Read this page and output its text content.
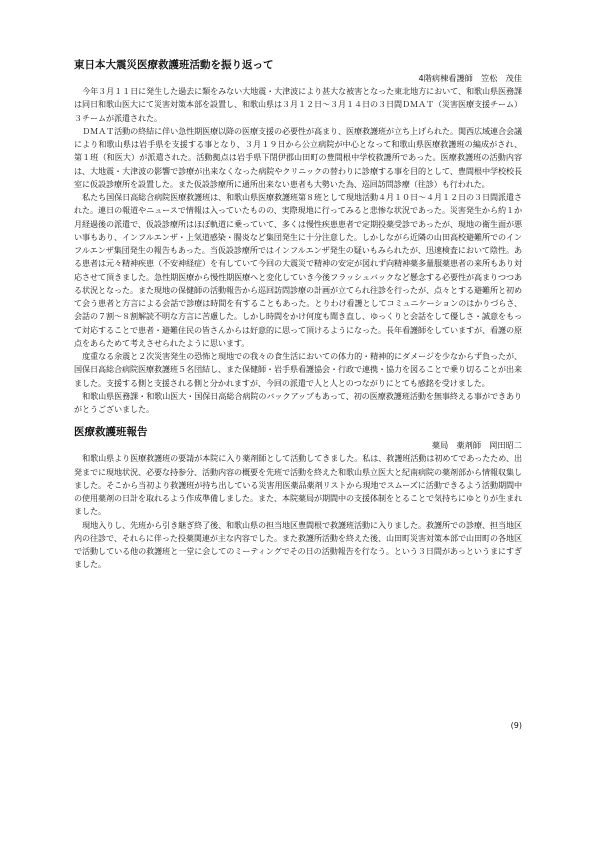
東日本大震災医療救護班活動を振り返って

4階病棟看護師　笠松　茂佳

今年３月１１日に発生した過去に類をみない大地震・大津波により甚大な被害となった東北地方において、和歌山県医務課は同日和歌山医大にて災害対策本部を設置し、和歌山県は３月１２日～３月１４日の３日間ＤＭＡＴ（災害医療支援チーム）３チームが派遣された。

ＤＭＡＴ活動の終結に伴い急性期医療以降の医療支援の必要性が高まり、医療救護班が立ち上げられた。関西広域連合会議により和歌山県は岩手県を支援する事となり、３月１９日から公立病院が中心となって和歌山県医療救護班の編成がされ、第１班（和医大）が派遣された。活動拠点は岩手県下閉伊郡山田町の豊間根中学校救護所であった。医療救護班の活動内容は、大地震・大津波の影響で診療が出来なくなった病院やクリニックの替わりに診療する事を目的として、豊間根中学校校長室に仮設診療所を設置した。また仮設診療所に通所出来ない患者も大勢いた為、巡回訪問診療（往診）も行われた。

私たち国保日高総合病院医療救護班は、和歌山県医療救護班第８班として現地活動４月１０日～４月１２日の３日間派遣された。連日の報道やニュースで情報は入っていたものの、実際現地に行ってみると悲惨な状況であった。災害発生から約１か月経過後の派遣で、仮設診療所はほぼ軌道に乗っていて、多くは慢性疾患患者で定期投薬受診であったが、現地の衛生面が悪い事もあり、インフルエンザ・上気道感染・腸炎など集団発生に十分注意した。しかしながら近隣の山田高校避難所でのインフルエンザ集団発生の報告もあった。当仮設診療所ではインフルエンザ発生の疑いもみられたが、迅速検査において陰性。ある患者は元々精神疾患（不安神経症）を有していて今回の大震災で精神の安定が図れず向精神薬多量服薬患者の来所もあり対応させて頂きました。急性期医療から慢性期医療へと変化していき今後フラッシュバックなど懸念する必要性が高まりつつある状況となった。また現地の保健師の活動報告から巡回訪問診療の計画が立てられ往診を行ったが、点々とする避難所と初めて会う患者と方言による会話で診療は時間を有することもあった。とりわけ看護としてコミュニケーションのはかりづらさ、会話の７割～８割解読不明な方言に苦慮した。しかし時間をかけ何度も聞き直し、ゆっくりと会話をして優しさ・誠意をもって対応することで患者・避難住民の皆さんからは好意的に思って頂けるようになった。長年看護師をしていますが、看護の原点をあらためて考えさせられたように思います。

度重なる余震と２次災害発生の恐怖と現地での我々の食生活においての体力的・精神的にダメージを少なからず負ったが、国保日高総合病院医療救護班５名団結し、また保健師・岩手県看護協会・行政で連携・協力を図ることで乗り切ることが出来ました。支援する側と支援される側と分かれますが、今回の派遣で人と人とのつながりにとても感銘を受けました。

和歌山県医務課・和歌山医大・国保日高総合病院のバックアップもあって、初の医療救護班活動を無事終える事ができありがとうございました。

医療救護班報告

薬局　薬剤師　岡田昭二

和歌山県より医療救護班の要請が本院に入り薬剤師として活動してきました。私は、救護班活動は初めてであったため、出発までに現地状況、必要な持参分、活動内容の概要を先班で活動を終えた和歌山県立医大と紀南病院の薬剤部から情報収集しました。そこから当初より救護班が持ち出している災害用医薬品薬剤リストから現地でスムーズに活動できるよう活動期間中の使用薬剤の日計を取れるよう作成準備しました。また、本院薬局が期間中の支援体制をとることで気持ちにゆとりが生まれました。

現地入りし、先班から引き継ぎ終了後、和歌山県の担当地区豊間根で救護班活動に入りました。救護所での診療、担当地区内の往診で、それらに伴った投薬関連が主な内容でした。また救護所活動を終えた後、山田町災害対策本部で山田町の各地区で活動している他の救護班と一堂に会してのミーティングでその日の活動報告を行なう。という３日間があっというまにすぎました。

(9)
